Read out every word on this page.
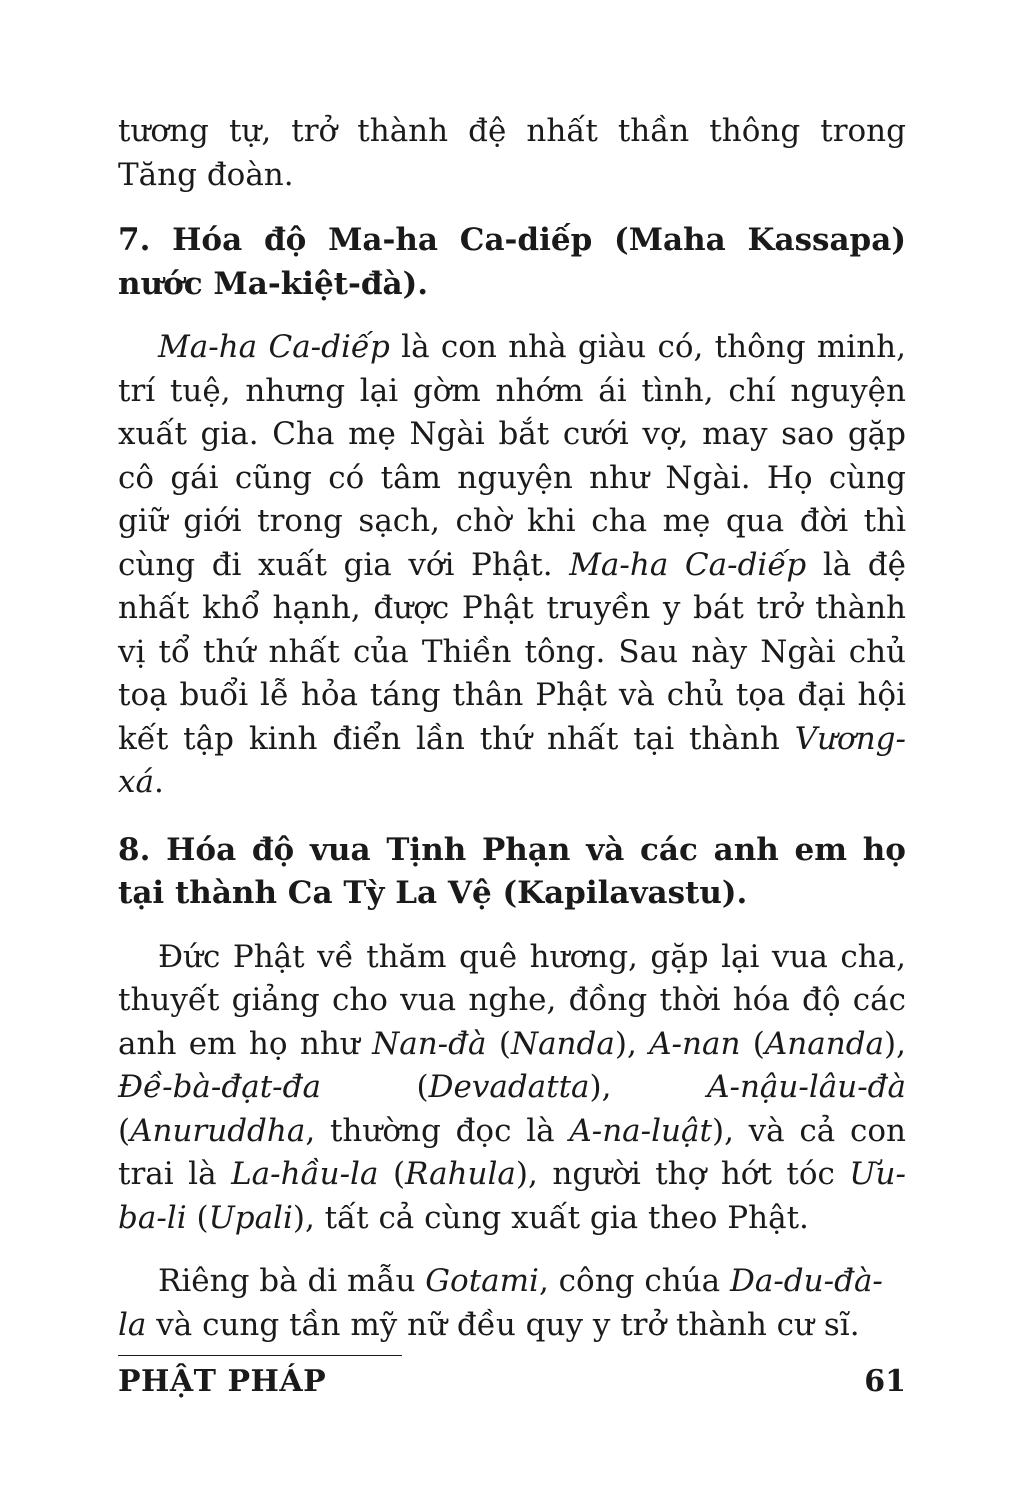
tương tự, trở thành đệ nhất thần thông trong Tăng đoàn.

7. Hóa độ Ma-ha Ca-diếp (Maha Kassapa) nước Ma-kiệt-đà).

Ma-ha Ca-diếp là con nhà giàu có, thông minh, trí tuệ, nhưng lại gờm nhớm ái tình, chí nguyện xuất gia. Cha mẹ Ngài bắt cưới vợ, may sao gặp cô gái cũng có tâm nguyện như Ngài. Họ cùng giữ giới trong sạch, chờ khi cha mẹ qua đời thì cùng đi xuất gia với Phật. Ma-ha Ca-diếp là đệ nhất khổ hạnh, được Phật truyền y bát trở thành vị tổ thứ nhất của Thiền tông. Sau này Ngài chủ toạ buổi lễ hỏa táng thân Phật và chủ tọa đại hội kết tập kinh điển lần thứ nhất tại thành Vương-xá.

8. Hóa độ vua Tịnh Phạn và các anh em họ tại thành Ca Tỳ La Vệ (Kapilavastu).

Đức Phật về thăm quê hương, gặp lại vua cha, thuyết giảng cho vua nghe, đồng thời hóa độ các anh em họ như Nan-đà (Nanda), A-nan (Ananda), Đề-bà-đạt-đa (Devadatta), A-nậu-lâu-đà (Anuruddha, thường đọc là A-na-luật), và cả con trai là La-hầu-la (Rahula), người thợ hớt tóc Ưu-ba-li (Upali), tất cả cùng xuất gia theo Phật.

Riêng bà di mẫu Gotami, công chúa Da-du-đà-la và cung tần mỹ nữ đều quy y trở thành cư sĩ.

PHẬT PHÁP	61
